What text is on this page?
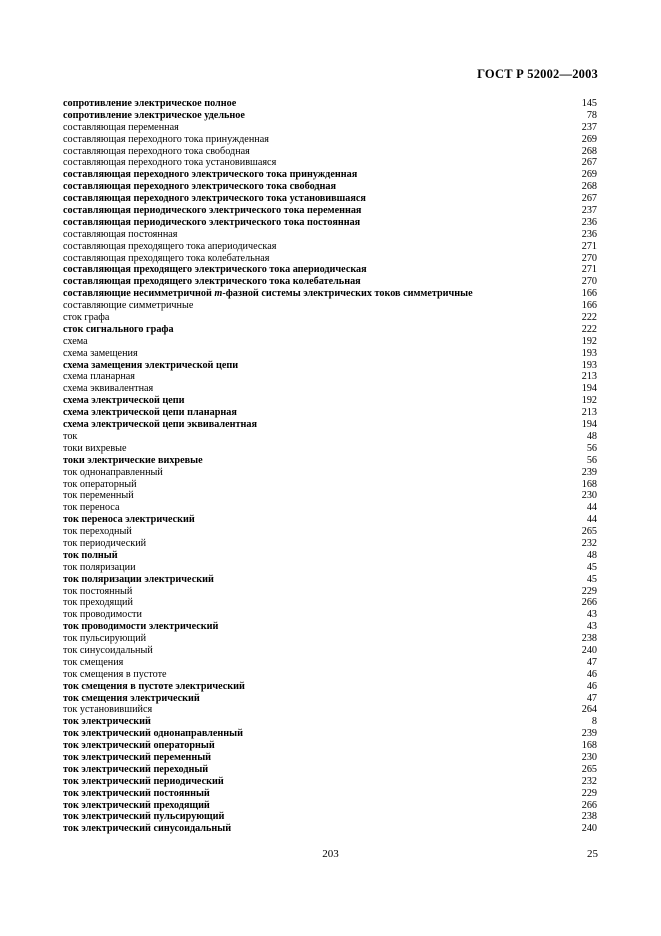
ГОСТ Р 52002—2003
сопротивление электрическое полное	145
сопротивление электрическое удельное	78
составляющая переменная	237
составляющая переходного тока принужденная	269
составляющая переходного тока свободная	268
составляющая переходного тока установившаяся	267
составляющая переходного электрического тока принужденная	269
составляющая переходного электрического тока свободная	268
составляющая переходного электрического тока установившаяся	267
составляющая периодического электрического тока переменная	237
составляющая периодического электрического тока постоянная	236
составляющая постоянная	236
составляющая преходящего тока апериодическая	271
составляющая преходящего тока колебательная	270
составляющая преходящего электрического тока апериодическая	271
составляющая преходящего электрического тока колебательная	270
составляющие несимметричной m-фазной системы электрических токов симметричные	166
составляющие симметричные	166
сток графа	222
сток сигнального графа	222
схема	192
схема замещения	193
схема замещения электрической цепи	193
схема планарная	213
схема эквивалентная	194
схема электрической цепи	192
схема электрической цепи планарная	213
схема электрической цепи эквивалентная	194
ток	48
токи вихревые	56
токи электрические вихревые	56
ток однонаправленный	239
ток операторный	168
ток переменный	230
ток переноса	44
ток переноса электрический	44
ток переходный	265
ток периодический	232
ток полный	48
ток поляризации	45
ток поляризации электрический	45
ток постоянный	229
ток преходящий	266
ток проводимости	43
ток проводимости электрический	43
ток пульсирующий	238
ток синусоидальный	240
ток смещения	47
ток смещения в пустоте	46
ток смещения в пустоте электрический	46
ток смещения электрический	47
ток установившийся	264
ток электрический	8
ток электрический однонаправленный	239
ток электрический операторный	168
ток электрический переменный	230
ток электрический переходный	265
ток электрический периодический	232
ток электрический постоянный	229
ток электрический преходящий	266
ток электрический пульсирующий	238
ток электрический синусоидальный	240
203	25
